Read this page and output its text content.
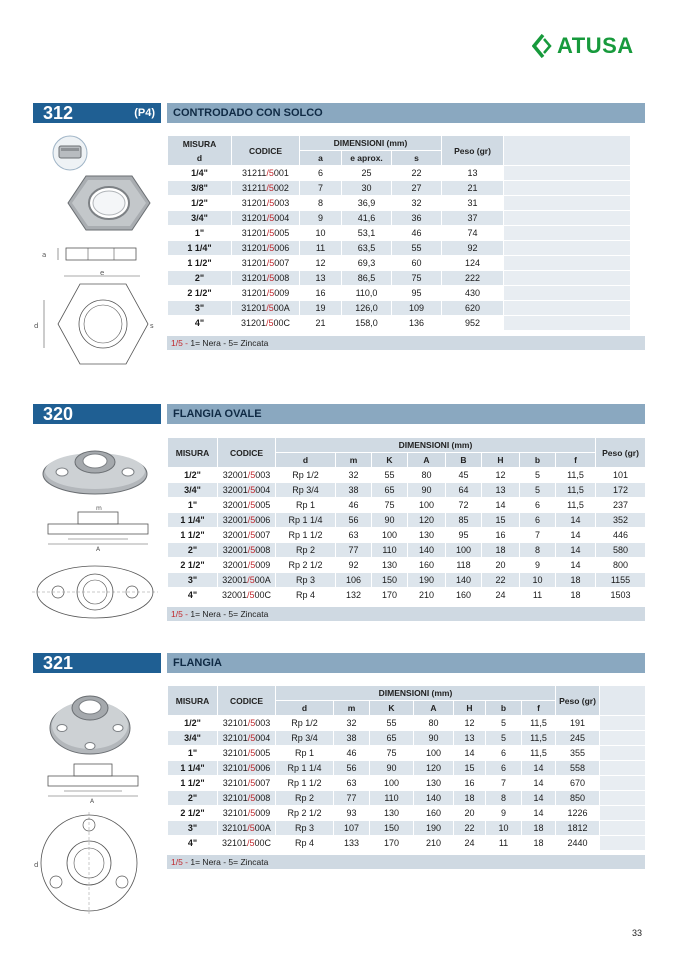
ATUSA
312	(P4) CONTRODADO CON SOLCO
a
e
d	s
MISURA
d	CODICE	DIMENSIONI (mm)			Peso (gr)	
		a	e aprox.	s		
1/4"	31211/5001	6	25	22	13	
3/8"	31211/5002	7	30	27	21	
1/2"	31201/5003	8	36,9	32	31	
3/4"	31201/5004	9	41,6	36	37	
1"	31201/5005	10	53,1	46	74	
1 1/4"	31201/5006	11	63,5	55	92	
1 1/2"	31201/5007	12	69,3	60	124	
2"	31201/5008	13	86,5	75	222	
2 1/2"	31201/5009	16	110,0	95	430	
3"	31201/500A	19	126,0	109	620	
4"	31201/500C	21	158,0	136	952	
1/5 - 1= Nera - 5= Zincata
320	FLANGIA OVALE
A
m
MISURA	CODICE	DIMENSIONI (mm)								Peso (gr)
		d	m	K	A	B	H	b	f	
1/2"	32001/5003	Rp 1/2	32	55	80	45	12	5	11,5	101
3/4"	32001/5004	Rp 3/4	38	65	90	64	13	5	11,5	172
1"	32001/5005	Rp 1	46	75	100	72	14	6	11,5	237
1 1/4"	32001/5006	Rp 1 1/4	56	90	120	85	15	6	14	352
1 1/2"	32001/5007	Rp 1 1/2	63	100	130	95	16	7	14	446
2"	32001/5008	Rp 2	77	110	140	100	18	8	14	580
2 1/2"	32001/5009	Rp 2 1/2	92	130	160	118	20	9	14	800
3"	32001/500A	Rp 3	106	150	190	140	22	10	18	1155
4"	32001/500C	Rp 4	132	170	210	160	24	11	18	1503
1/5 - 1= Nera - 5= Zincata
321	FLANGIA
A
d
MISURA	CODICE	DIMENSIONI (mm)							Peso (gr)	
		d	m	K	A	H	b	f		
1/2"	32101/5003	Rp 1/2	32	55	80	12	5	11,5	191	
3/4"	32101/5004	Rp 3/4	38	65	90	13	5	11,5	245	
1"	32101/5005	Rp 1	46	75	100	14	6	11,5	355	
1 1/4"	32101/5006	Rp 1 1/4	56	90	120	15	6	14	558	
1 1/2"	32101/5007	Rp 1 1/2	63	100	130	16	7	14	670	
2"	32101/5008	Rp 2	77	110	140	18	8	14	850	
2 1/2"	32101/5009	Rp 2 1/2	93	130	160	20	9	14	1226	
3"	32101/500A	Rp 3	107	150	190	22	10	18	1812	
4"	32101/500C	Rp 4	133	170	210	24	11	18	2440	
1/5 - 1= Nera - 5= Zincata
33
